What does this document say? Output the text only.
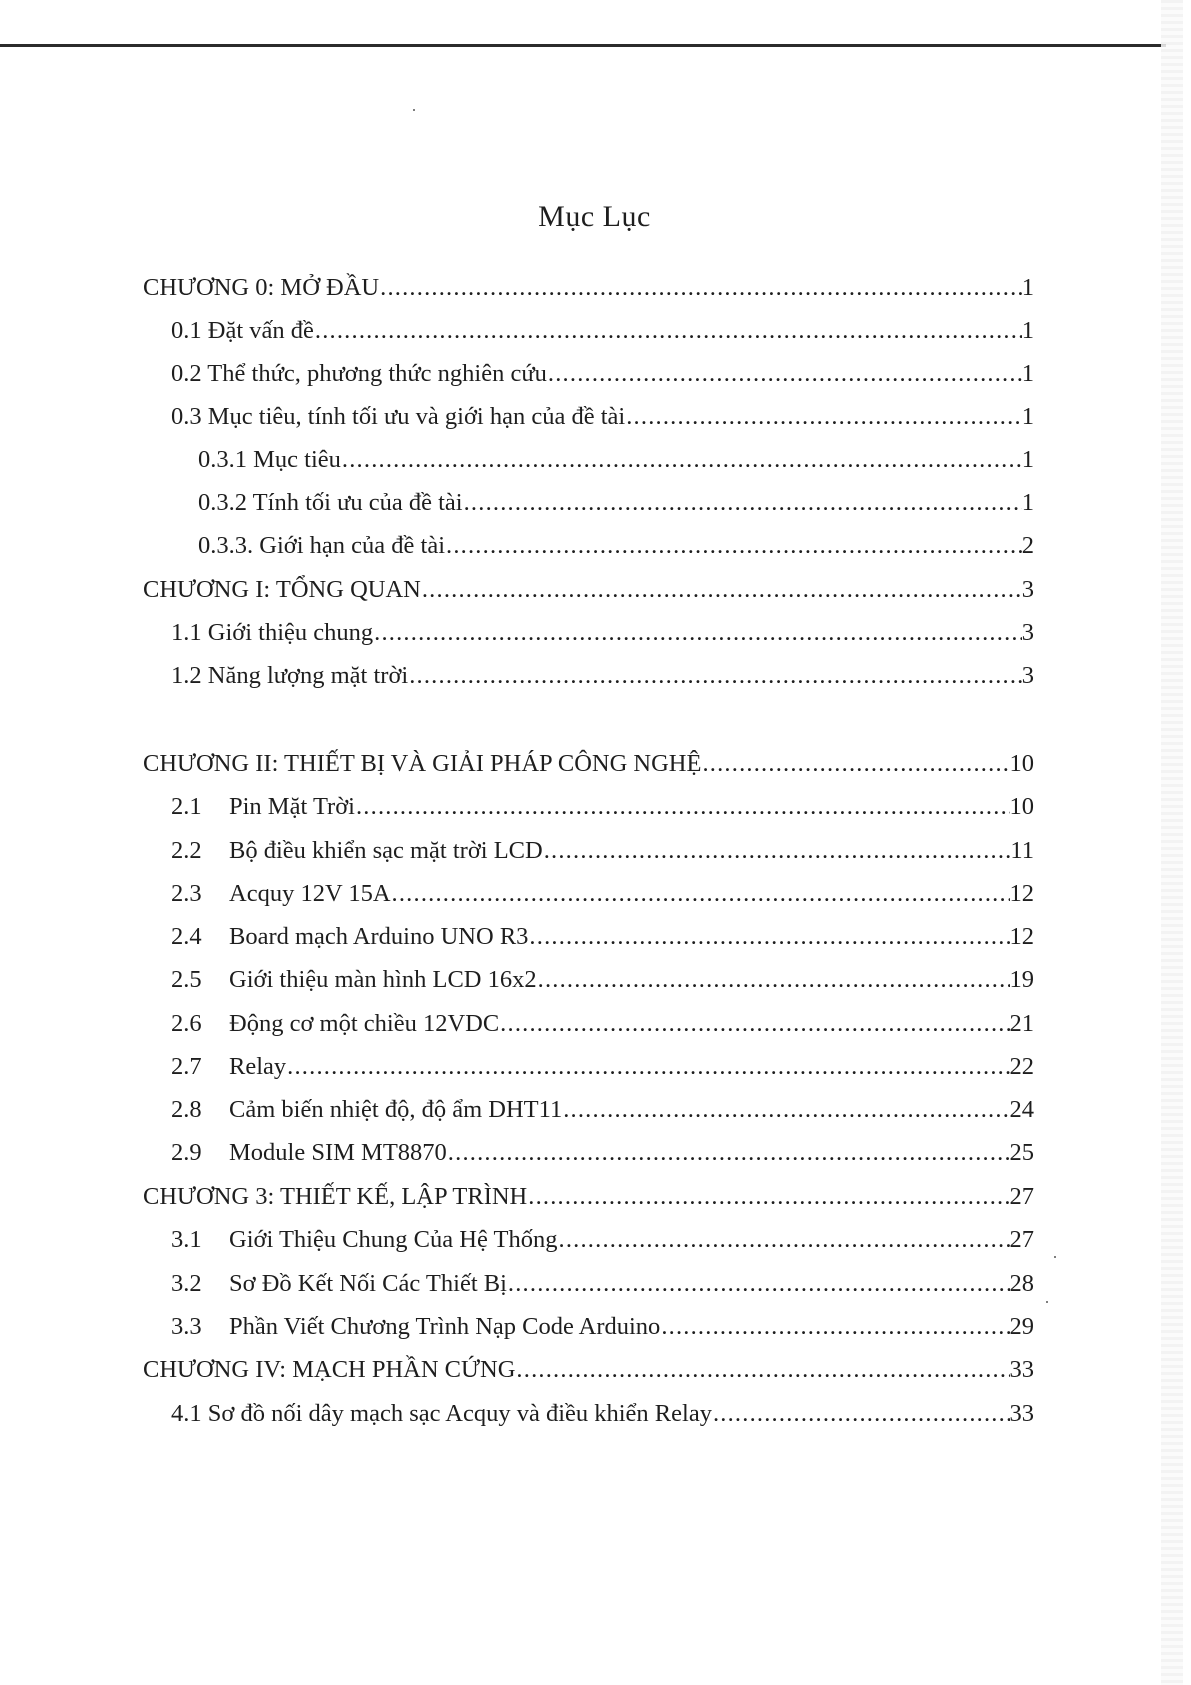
Mục Lục
CHƯƠNG 0: MỞ ĐẦU .....	1
0.1 Đặt vấn đề .....	1
0.2 Thể thức, phương thức nghiên cứu .....	1
0.3 Mục tiêu, tính tối ưu và giới hạn của đề tài .....	1
0.3.1 Mục tiêu .....	1
0.3.2 Tính tối ưu của đề tài .....	1
0.3.3. Giới hạn của đề tài .....	2
CHƯƠNG I: TỔNG QUAN .....	3
1.1 Giới thiệu chung .....	3
1.2 Năng lượng mặt trời .....	3
CHƯƠNG II: THIẾT BỊ VÀ GIẢI PHÁP CÔNG NGHỆ .....	10
2.1	Pin Mặt Trời .....	10
2.2	Bộ điều khiển sạc mặt trời LCD .....	11
2.3	Acquy 12V 15A .....	12
2.4	Board mạch Arduino UNO R3 .....	12
2.5	Giới thiệu màn hình LCD 16x2 .....	19
2.6	Động cơ một chiều 12VDC .....	21
2.7	Relay .....	22
2.8	Cảm biến nhiệt độ, độ ẩm DHT11 .....	24
2.9	Module SIM MT8870 .....	25
CHƯƠNG 3: THIẾT KẾ, LẬP TRÌNH .....	27
3.1	Giới Thiệu Chung Của Hệ Thống .....	27
3.2	Sơ Đồ Kết Nối Các Thiết Bị .....	28
3.3	Phần Viết Chương Trình Nạp Code Arduino .....	29
CHƯƠNG IV: MẠCH PHẦN CỨNG .....	33
4.1 Sơ đồ nối dây mạch sạc Acquy và điều khiển Relay .....	33
